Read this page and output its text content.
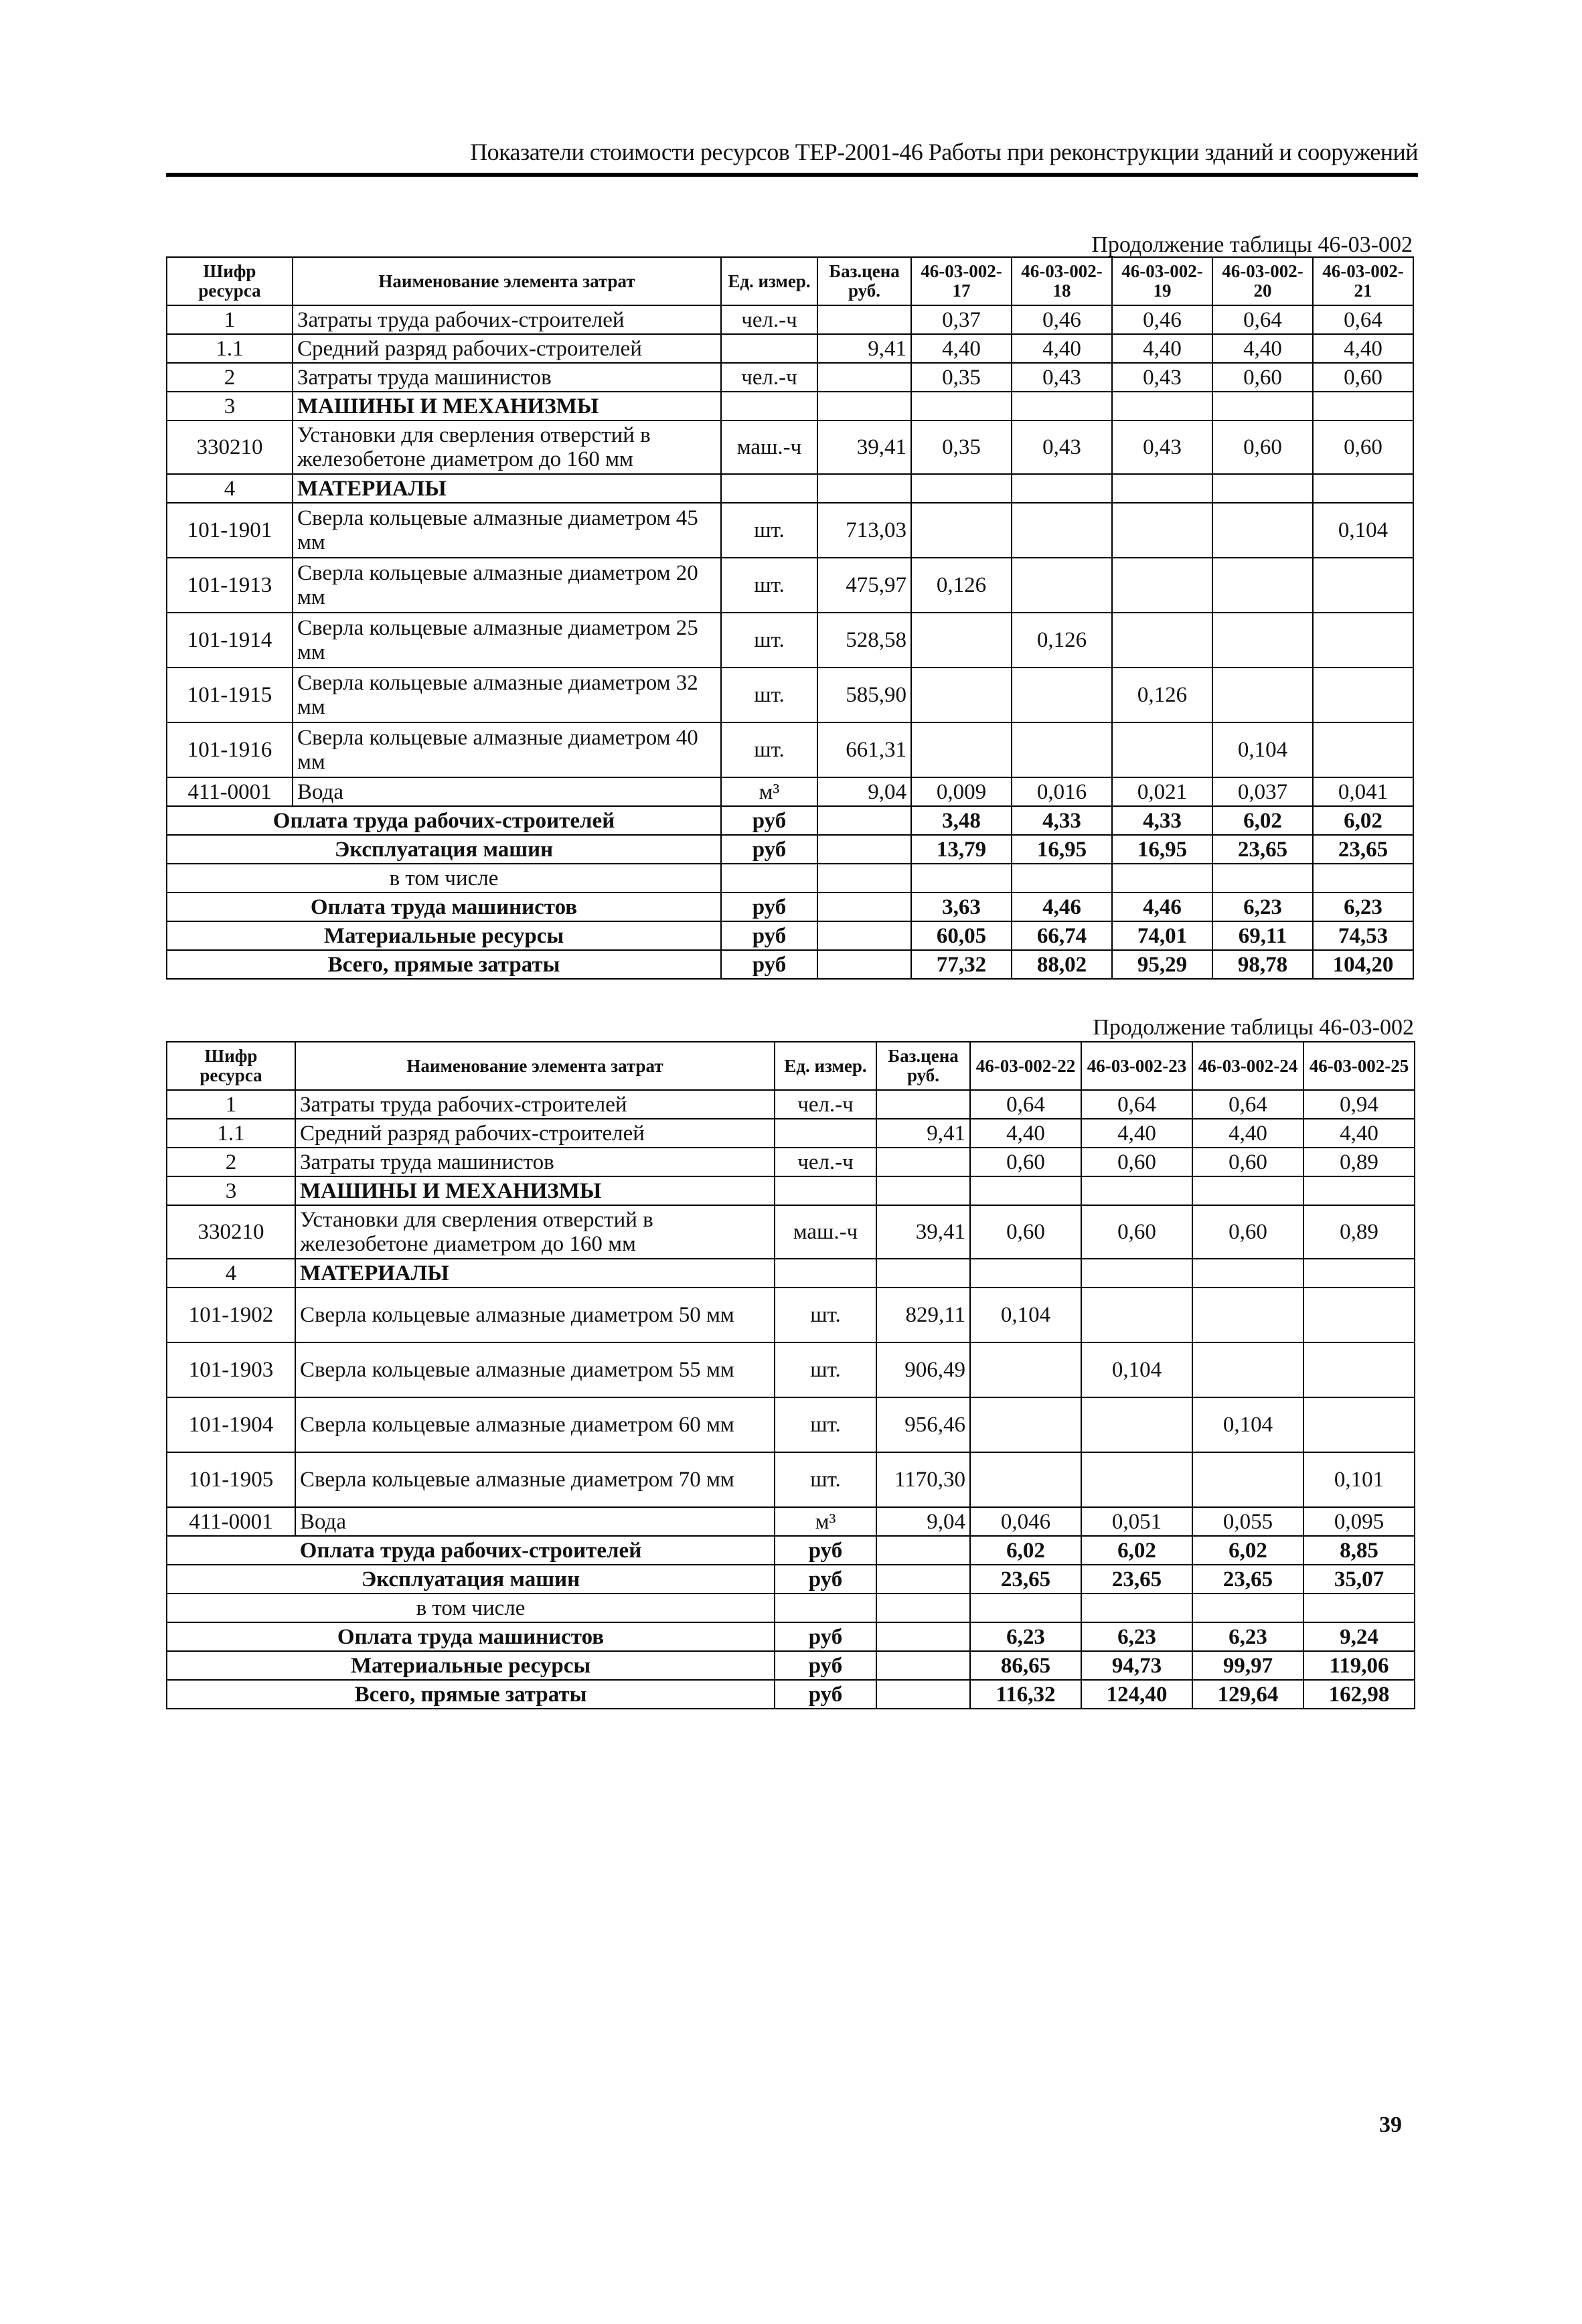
Показатели стоимости ресурсов ТЕР-2001-46 Работы при реконструкции зданий и сооружений
Продолжение таблицы 46-03-002
Шифр ресурса	Наименование элемента затрат	Ед. измер.	Баз.цена руб.	46-03-002-17	46-03-002-18	46-03-002-19	46-03-002-20	46-03-002-21
1	Затраты труда рабочих-строителей	чел.-ч		0,37	0,46	0,46	0,64	0,64
1.1	Средний разряд рабочих-строителей		9,41	4,40	4,40	4,40	4,40	4,40
2	Затраты труда машинистов	чел.-ч		0,35	0,43	0,43	0,60	0,60
3	МАШИНЫ И МЕХАНИЗМЫ							
330210	Установки для сверления отверстий в железобетоне диаметром до 160 мм	маш.-ч	39,41	0,35	0,43	0,43	0,60	0,60
4	МАТЕРИАЛЫ							
101-1901	Сверла кольцевые алмазные диаметром 45 мм	шт.	713,03					0,104
101-1913	Сверла кольцевые алмазные диаметром 20 мм	шт.	475,97	0,126				
101-1914	Сверла кольцевые алмазные диаметром 25 мм	шт.	528,58		0,126			
101-1915	Сверла кольцевые алмазные диаметром 32 мм	шт.	585,90			0,126		
101-1916	Сверла кольцевые алмазные диаметром 40 мм	шт.	661,31				0,104	
411-0001	Вода	м³	9,04	0,009	0,016	0,021	0,037	0,041
Оплата труда рабочих-строителей		руб		3,48	4,33	4,33	6,02	6,02
Эксплуатация машин		руб		13,79	16,95	16,95	23,65	23,65
в том числе								
Оплата труда машинистов		руб		3,63	4,46	4,46	6,23	6,23
Материальные ресурсы		руб		60,05	66,74	74,01	69,11	74,53
Всего, прямые затраты		руб		77,32	88,02	95,29	98,78	104,20
Продолжение таблицы 46-03-002
Шифр ресурса	Наименование элемента затрат	Ед. измер.	Баз.цена руб.	46-03-002-22	46-03-002-23	46-03-002-24	46-03-002-25
1	Затраты труда рабочих-строителей	чел.-ч		0,64	0,64	0,64	0,94
1.1	Средний разряд рабочих-строителей		9,41	4,40	4,40	4,40	4,40
2	Затраты труда машинистов	чел.-ч		0,60	0,60	0,60	0,89
3	МАШИНЫ И МЕХАНИЗМЫ						
330210	Установки для сверления отверстий в железобетоне диаметром до 160 мм	маш.-ч	39,41	0,60	0,60	0,60	0,89
4	МАТЕРИАЛЫ						
101-1902	Сверла кольцевые алмазные диаметром 50 мм	шт.	829,11	0,104			
101-1903	Сверла кольцевые алмазные диаметром 55 мм	шт.	906,49		0,104		
101-1904	Сверла кольцевые алмазные диаметром 60 мм	шт.	956,46			0,104	
101-1905	Сверла кольцевые алмазные диаметром 70 мм	шт.	1170,30				0,101
411-0001	Вода	м³	9,04	0,046	0,051	0,055	0,095
Оплата труда рабочих-строителей		руб		6,02	6,02	6,02	8,85
Эксплуатация машин		руб		23,65	23,65	23,65	35,07
в том числе							
Оплата труда машинистов		руб		6,23	6,23	6,23	9,24
Материальные ресурсы		руб		86,65	94,73	99,97	119,06
Всего, прямые затраты		руб		116,32	124,40	129,64	162,98
39
